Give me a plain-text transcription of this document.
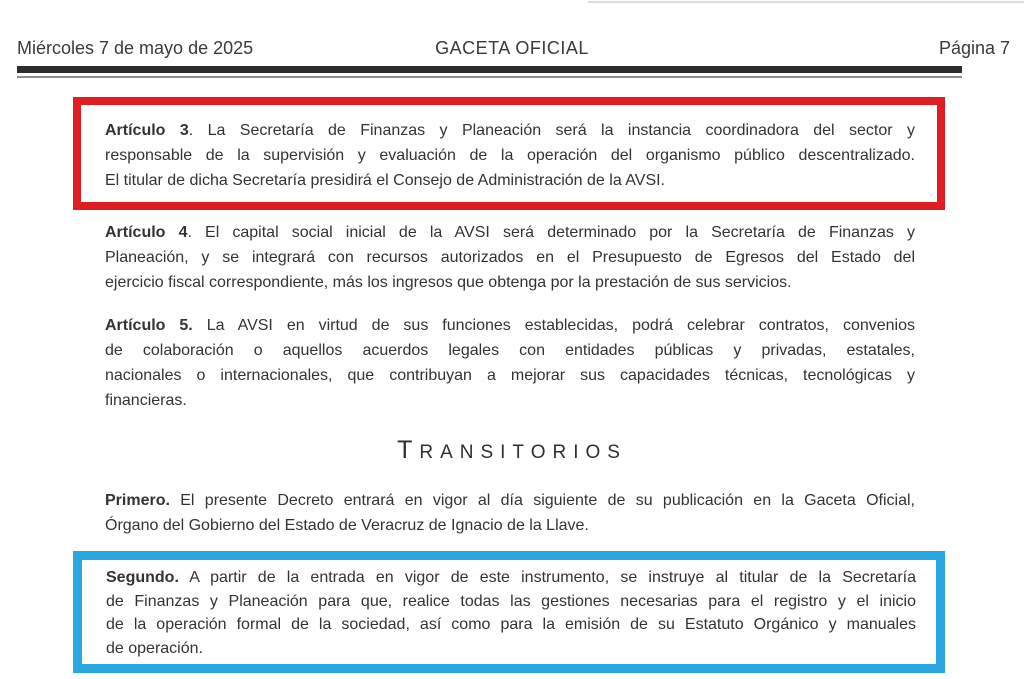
Miércoles 7 de mayo de 2025	GACETA OFICIAL	Página 7
Artículo 3. La Secretaría de Finanzas y Planeación será la instancia coordinadora del sector y
responsable de la supervisión y evaluación de la operación del organismo público descentralizado.
El titular de dicha Secretaría presidirá el Consejo de Administración de la AVSI.
Artículo 4. El capital social inicial de la AVSI será determinado por la Secretaría de Finanzas y
Planeación, y se integrará con recursos autorizados en el Presupuesto de Egresos del Estado del
ejercicio fiscal correspondiente, más los ingresos que obtenga por la prestación de sus servicios.
Artículo 5. La AVSI en virtud de sus funciones establecidas, podrá celebrar contratos, convenios
de colaboración o aquellos acuerdos legales con entidades públicas y privadas, estatales,
nacionales o internacionales, que contribuyan a mejorar sus capacidades técnicas, tecnológicas y
financieras.
TRANSITORIOS
Primero. El presente Decreto entrará en vigor al día siguiente de su publicación en la Gaceta Oficial,
Órgano del Gobierno del Estado de Veracruz de Ignacio de la Llave.
Segundo. A partir de la entrada en vigor de este instrumento, se instruye al titular de la Secretaría
de Finanzas y Planeación para que, realice todas las gestiones necesarias para el registro y el inicio
de la operación formal de la sociedad, así como para la emisión de su Estatuto Orgánico y manuales
de operación.
